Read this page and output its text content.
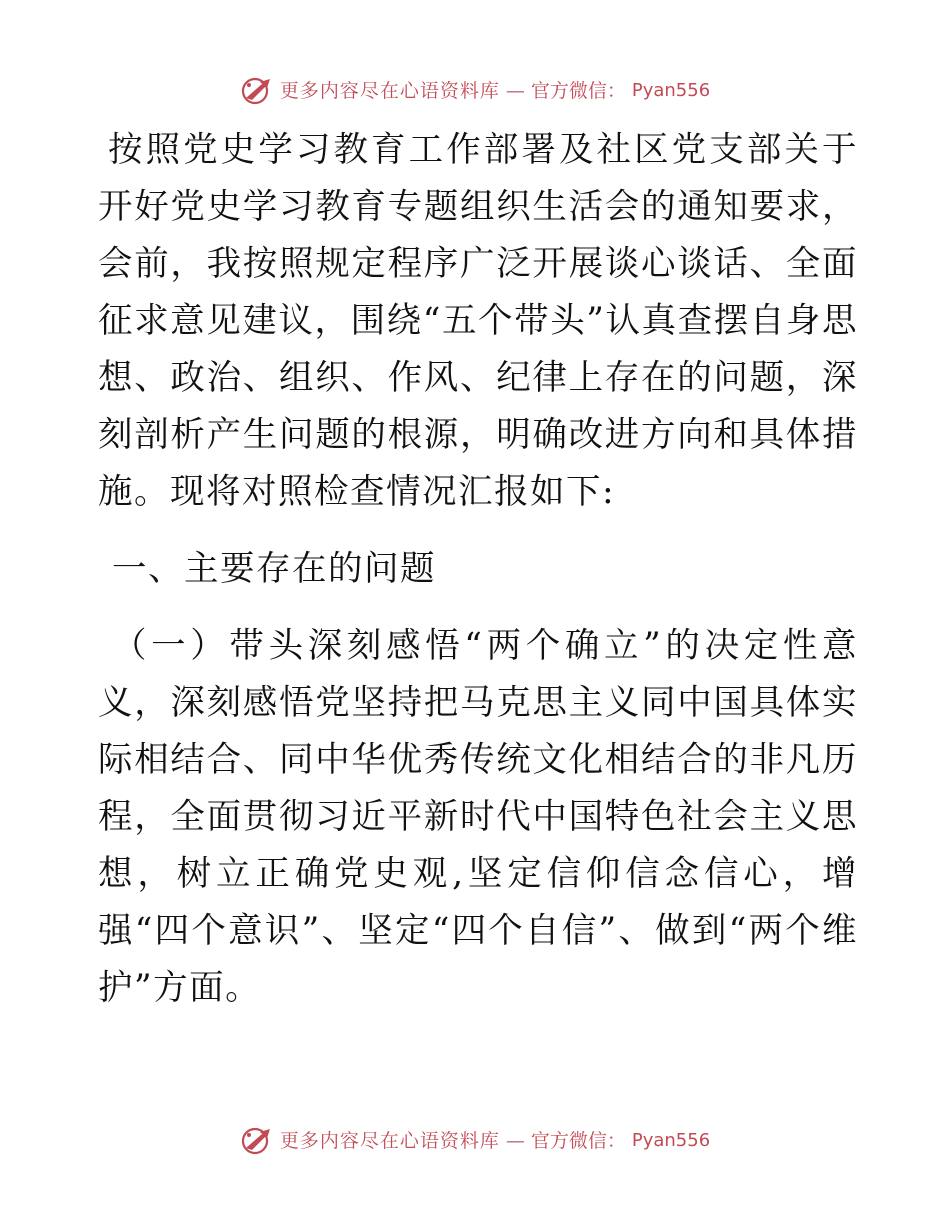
更多内容尽在心语资料库 — 官方微信： Pyan556

按照党史学习教育工作部署及社区党支部关于开好党史学习教育专题组织生活会的通知要求，会前，我按照规定程序广泛开展谈心谈话、全面征求意见建议，围绕“五个带头”认真查摆自身思想、政治、组织、作风、纪律上存在的问题，深刻剖析产生问题的根源，明确改进方向和具体措施。现将对照检查情况汇报如下:

一、主要存在的问题

（一）带头深刻感悟“两个确立”的决定性意义，深刻感悟党坚持把马克思主义同中国具体实际相结合、同中华优秀传统文化相结合的非凡历程，全面贯彻习近平新时代中国特色社会主义思想，树立正确党史观,坚定信仰信念信心，增强“四个意识”、坚定“四个自信”、做到“两个维护”方面。

更多内容尽在心语资料库 — 官方微信： Pyan556
